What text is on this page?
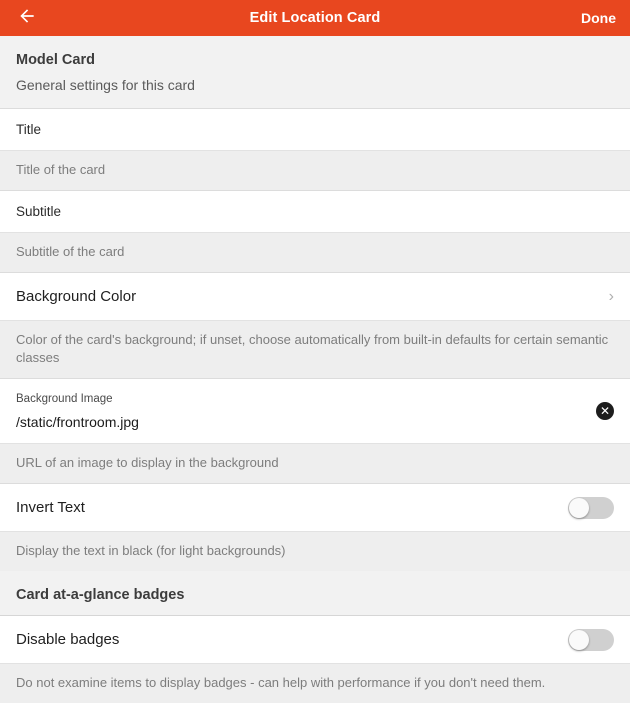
Edit Location Card	Done
Model Card
General settings for this card
Title
Title of the card
Subtitle
Subtitle of the card
Background Color	›
Color of the card's background; if unset, choose automatically from built-in defaults for certain semantic classes
Background Image
/static/frontroom.jpg
✕
URL of an image to display in the background
Invert Text
Display the text in black (for light backgrounds)
Card at-a-glance badges
Disable badges
Do not examine items to display badges - can help with performance if you don't need them.
